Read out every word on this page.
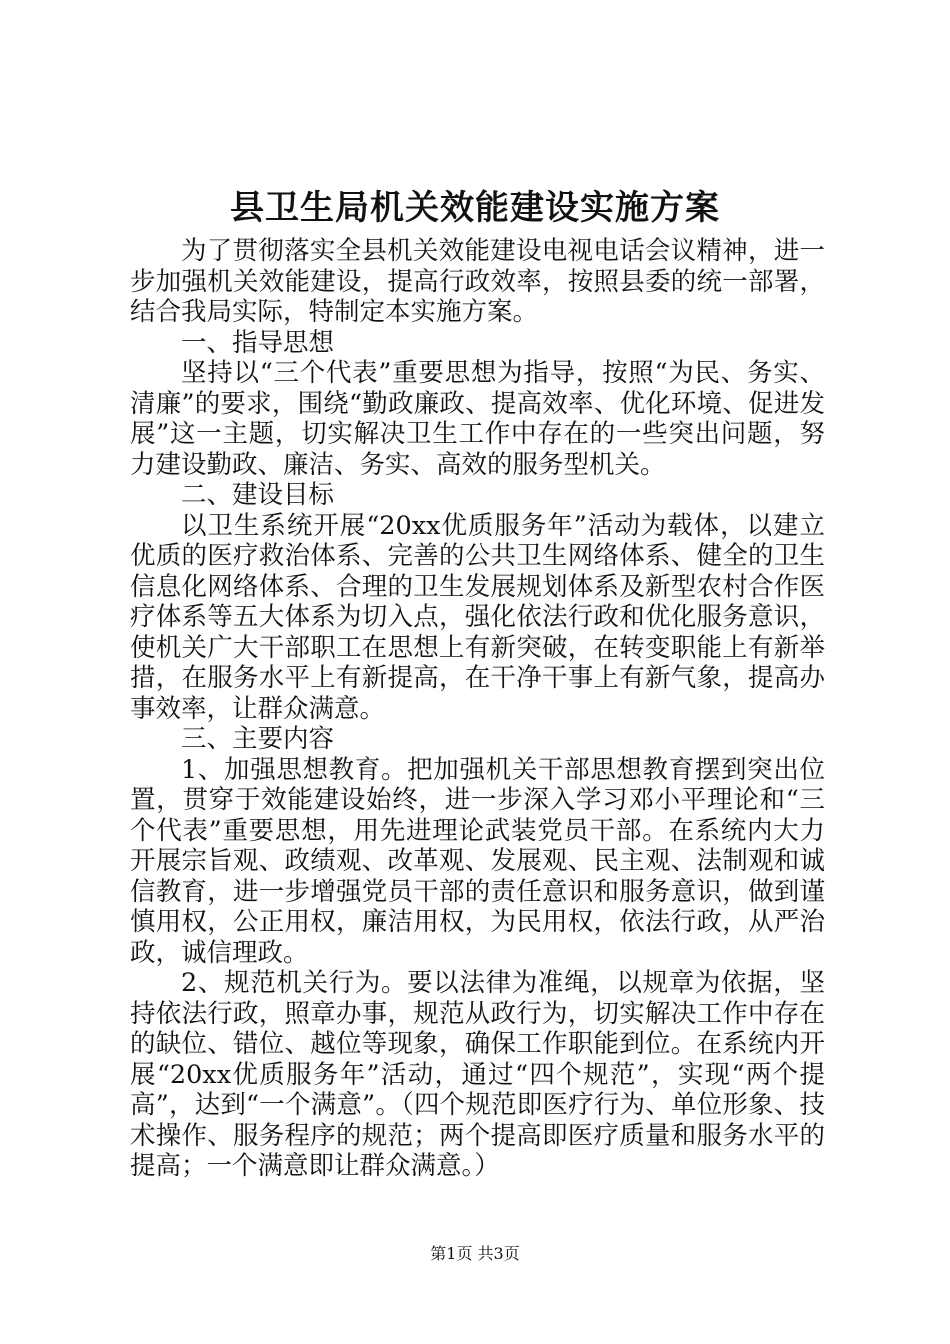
县卫生局机关效能建设实施方案

为了贯彻落实全县机关效能建设电视电话会议精神，进一步加强机关效能建设，提高行政效率，按照县委的统一部署，结合我局实际，特制定本实施方案。

一、指导思想

坚持以“三个代表”重要思想为指导，按照“为民、务实、清廉”的要求，围绕“勤政廉政、提高效率、优化环境、促进发展”这一主题，切实解决卫生工作中存在的一些突出问题，努力建设勤政、廉洁、务实、高效的服务型机关。

二、建设目标

以卫生系统开展“20xx优质服务年”活动为载体，以建立优质的医疗救治体系、完善的公共卫生网络体系、健全的卫生信息化网络体系、合理的卫生发展规划体系及新型农村合作医疗体系等五大体系为切入点，强化依法行政和优化服务意识，使机关广大干部职工在思想上有新突破，在转变职能上有新举措，在服务水平上有新提高，在干净干事上有新气象，提高办事效率，让群众满意。

三、主要内容

1、加强思想教育。把加强机关干部思想教育摆到突出位置，贯穿于效能建设始终，进一步深入学习邓小平理论和“三个代表”重要思想，用先进理论武装党员干部。在系统内大力开展宗旨观、政绩观、改革观、发展观、民主观、法制观和诚信教育，进一步增强党员干部的责任意识和服务意识，做到谨慎用权，公正用权，廉洁用权，为民用权，依法行政，从严治政，诚信理政。

2、规范机关行为。要以法律为准绳，以规章为依据，坚持依法行政，照章办事，规范从政行为，切实解决工作中存在的缺位、错位、越位等现象，确保工作职能到位。在系统内开展“20xx优质服务年”活动，通过“四个规范”，实现“两个提高”，达到“一个满意”。（四个规范即医疗行为、单位形象、技术操作、服务程序的规范；两个提高即医疗质量和服务水平的提高；一个满意即让群众满意。）

第1页 共3页
